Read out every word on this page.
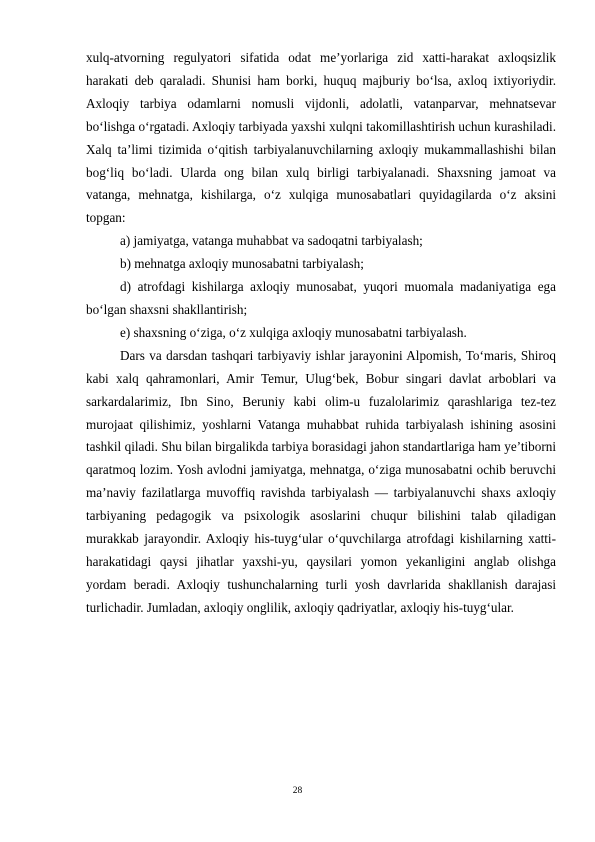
xulq-atvorning regulyatori sifatida odat me’yorlariga zid xatti-harakat axloqsizlik harakati deb qaraladi. Shunisi ham borki, huquq majburiy bo‘lsa, axloq ixtiyoriydir. Axloqiy tarbiya odamlarni nomusli vijdonli, adolatli, vatanparvar, mehnatsevar bo‘lishga o‘rgatadi. Axloqiy tarbiyada yaxshi xulqni takomillashtirish uchun kurashiladi. Xalq ta’limi tizimida o‘qitish tarbiyalanuvchilarning axloqiy mukammallashishi bilan bog‘liq bo‘ladi. Ularda ong bilan xulq birligi tarbiyalanadi. Shaxsning jamoat va vatanga, mehnatga, kishilarga, o‘z xulqiga munosabatlari quyidagilarda o‘z aksini topgan:

a) jamiyatga, vatanga muhabbat va sadoqatni tarbiyalash;

b) mehnatga axloqiy munosabatni tarbiyalash;

d) atrofdagi kishilarga axloqiy munosabat, yuqori muomala madaniyatiga ega bo‘lgan shaxsni shakllantirish;

e) shaxsning o‘ziga, o‘z xulqiga axloqiy munosabatni tarbiyalash.

Dars va darsdan tashqari tarbiyaviy ishlar jarayonini Alpomish, To‘maris, Shiroq kabi xalq qahramonlari, Amir Temur, Ulug‘bek, Bobur singari davlat arboblari va sarkardalarimiz, Ibn Sino, Beruniy kabi olim-u fuzalolarimiz qarashlariga tez-tez murojaat qilishimiz, yoshlarni Vatanga muhabbat ruhida tarbiyalash ishining asosini tashkil qiladi. Shu bilan birgalikda tarbiya borasidagi jahon standartlariga ham ye’tiborni qaratmoq lozim. Yosh avlodni jamiyatga, mehnatga, o‘ziga munosabatni ochib beruvchi ma’naviy fazilatlarga muvoffiq ravishda tarbiyalash — tarbiyalanuvchi shaxs axloqiy tarbiyaning pedagogik va psixologik asoslarini chuqur bilishini talab qiladigan murakkab jarayondir. Axloqiy his-tuyg‘ular o‘quvchilarga atrofdagi kishilarning xatti-harakatidagi qaysi jihatlar yaxshi-yu, qaysilari yomon yekanligini anglab olishga yordam beradi. Axloqiy tushunchalarning turli yosh davrlarida shakllanish darajasi turlichadir. Jumladan, axloqiy onglilik, axloqiy qadriyatlar, axloqiy his-tuyg‘ular.

28
